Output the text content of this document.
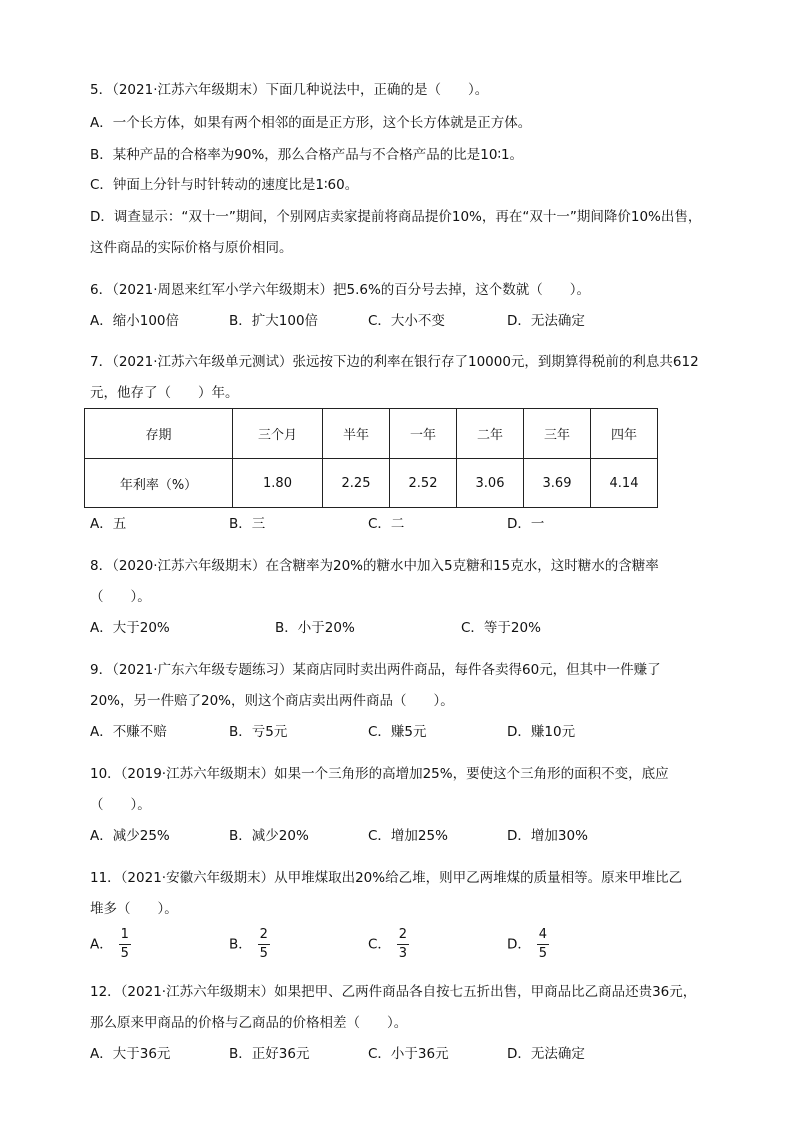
5．（2021·江苏六年级期末）下面几种说法中，正确的是（　　）。
A．一个长方体，如果有两个相邻的面是正方形，这个长方体就是正方体。
B．某种产品的合格率为90%，那么合格产品与不合格产品的比是10∶1。
C．钟面上分针与时针转动的速度比是1∶60。
D．调查显示：“双十一”期间，个别网店卖家提前将商品提价10%，再在“双十一”期间降价10%出售，
这件商品的实际价格与原价相同。
6．（2021·周恩来红军小学六年级期末）把5.6%的百分号去掉，这个数就（　　）。
A．缩小100倍	B．扩大100倍	C．大小不变	D．无法确定
7．（2021·江苏六年级单元测试）张远按下边的利率在银行存了10000元，到期算得税前的利息共612
元，他存了（　　）年。
存期	三个月	半年	一年	二年	三年	四年
年利率（%）	1.80	2.25	2.52	3.06	3.69	4.14
A．五	B．三	C．二	D．一
8．（2020·江苏六年级期末）在含糖率为20%的糖水中加入5克糖和15克水，这时糖水的含糖率
（　　）。
A．大于20%	B．小于20%	C．等于20%
9．（2021·广东六年级专题练习）某商店同时卖出两件商品，每件各卖得60元，但其中一件赚了
20%，另一件赔了20%，则这个商店卖出两件商品（　　）。
A．不赚不赔	B．亏5元	C．赚5元	D．赚10元
10．（2019·江苏六年级期末）如果一个三角形的高增加25%，要使这个三角形的面积不变，底应
（　　）。
A．减少25%	B．减少20%	C．增加25%	D．增加30%
11．（2021·安徽六年级期末）从甲堆煤取出20%给乙堆，则甲乙两堆煤的质量相等。原来甲堆比乙
堆多（　　）。
A． $\frac{1}{5}$	B． $\frac{2}{5}$	C． $\frac{2}{3}$	D． $\frac{4}{5}$
12．（2021·江苏六年级期末）如果把甲、乙两件商品各自按七五折出售，甲商品比乙商品还贵36元，
那么原来甲商品的价格与乙商品的价格相差（　　）。
A．大于36元	B．正好36元	C．小于36元	D．无法确定
